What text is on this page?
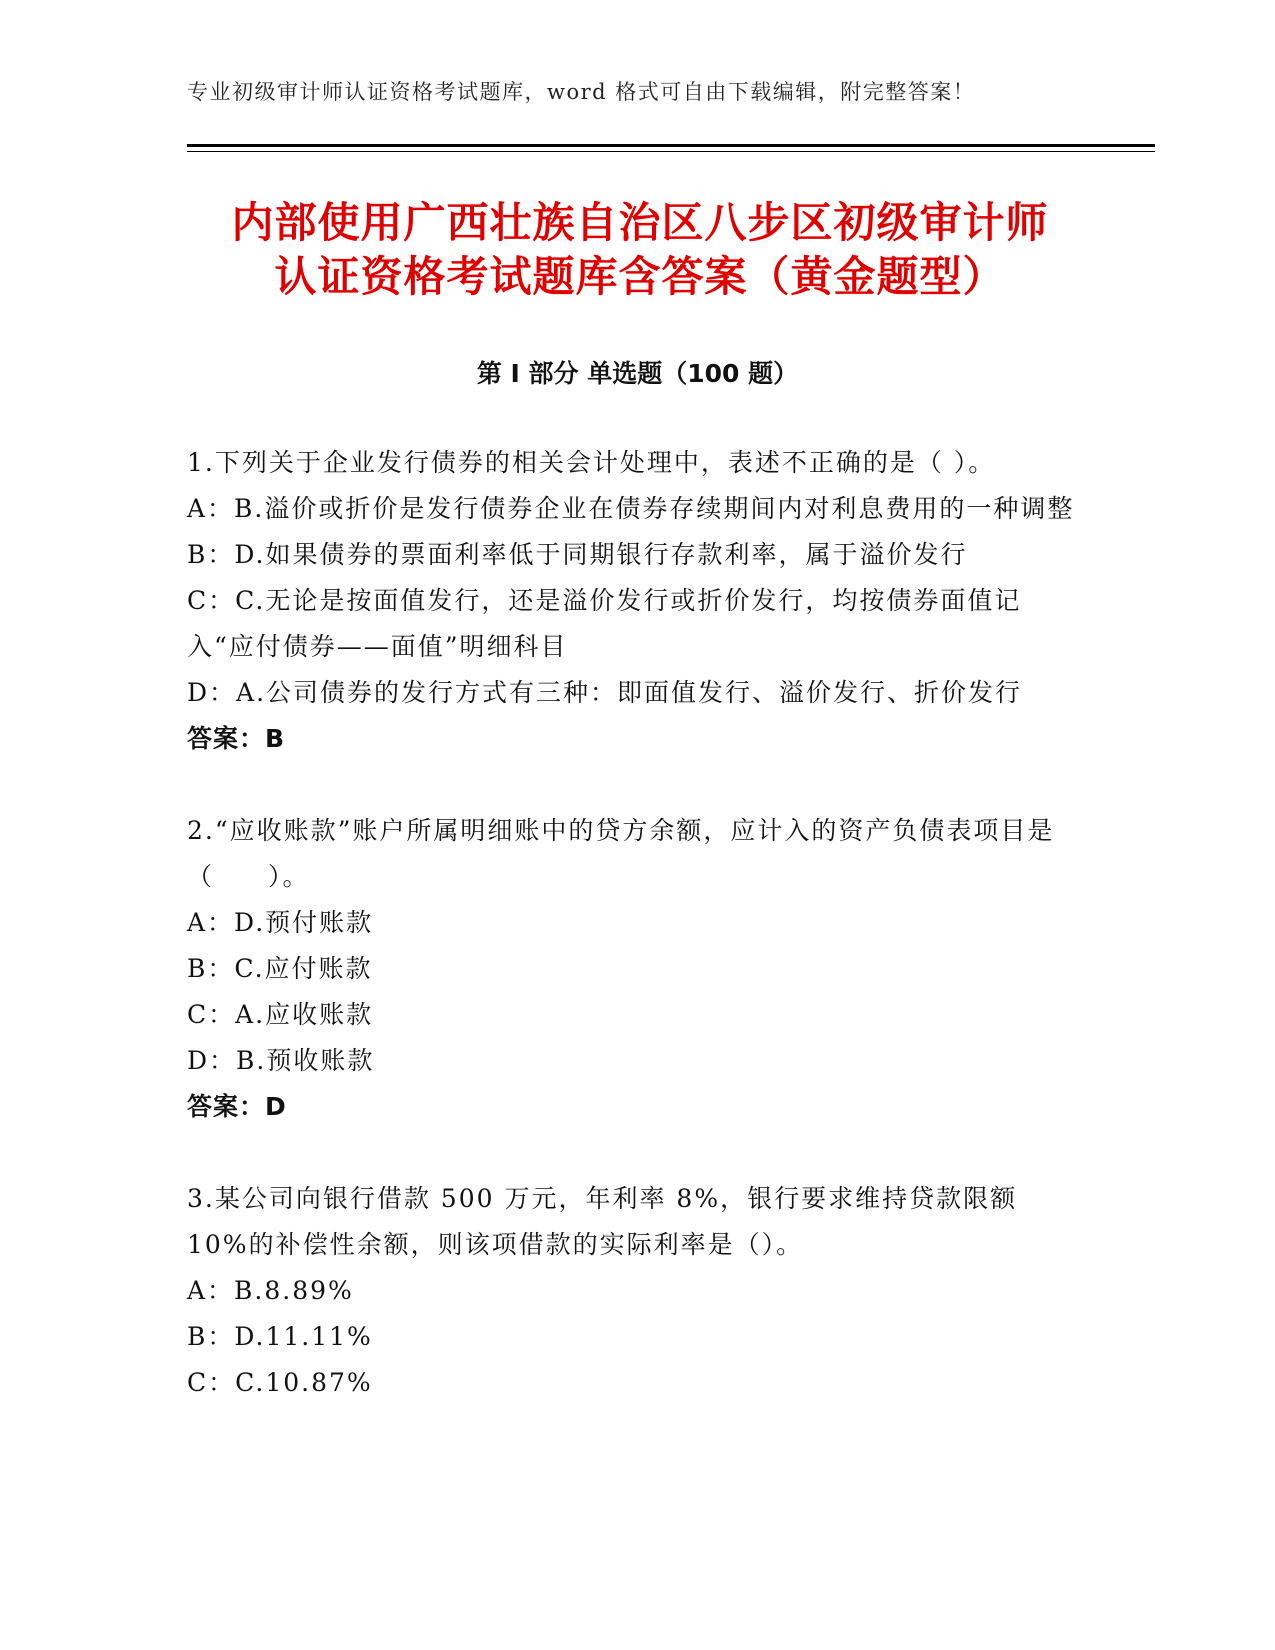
专业初级审计师认证资格考试题库，word 格式可自由下载编辑，附完整答案！
内部使用广西壮族自治区八步区初级审计师
认证资格考试题库含答案（黄金题型）
第 I 部分 单选题（100 题）
1.下列关于企业发行债券的相关会计处理中，表述不正确的是（ ）。
A：B.溢价或折价是发行债券企业在债券存续期间内对利息费用的一种调整
B：D.如果债券的票面利率低于同期银行存款利率，属于溢价发行
C：C.无论是按面值发行，还是溢价发行或折价发行，均按债券面值记入“应付债券——面值”明细科目
D：A.公司债券的发行方式有三种：即面值发行、溢价发行、折价发行
答案：B
2.“应收账款”账户所属明细账中的贷方余额，应计入的资产负债表项目是（　　）。
A：D.预付账款
B：C.应付账款
C：A.应收账款
D：B.预收账款
答案：D
3.某公司向银行借款 500 万元，年利率 8%，银行要求维持贷款限额 10%的补偿性余额，则该项借款的实际利率是（）。
A：B.8.89%
B：D.11.11%
C：C.10.87%
